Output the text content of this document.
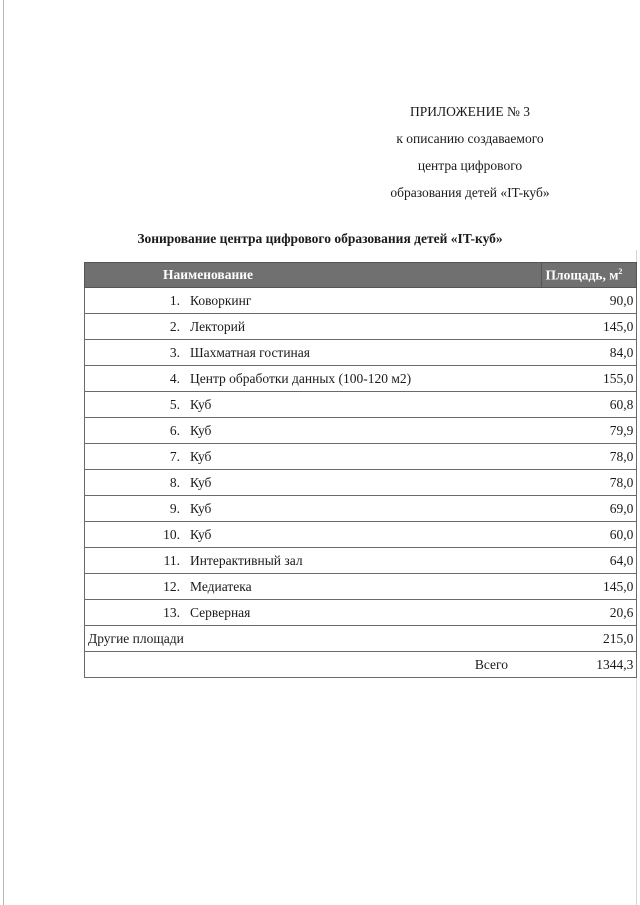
ПРИЛОЖЕНИЕ № 3
к описанию создаваемого
центра цифрового
образования детей «IT-куб»
Зонирование центра цифрового образования детей «IT-куб»
Наименование	Площадь, $м^2$
1. Коворкинг	90,0
2. Лекторий	145,0
3. Шахматная гостиная	84,0
4. Центр обработки данных (100-120 м2)	155,0
5. Куб	60,8
6. Куб	79,9
7. Куб	78,0
8. Куб	78,0
9. Куб	69,0
10. Куб	60,0
11. Интерактивный зал	64,0
12. Медиатека	145,0
13. Серверная	20,6
Другие площади	215,0
Всего	1344,3
